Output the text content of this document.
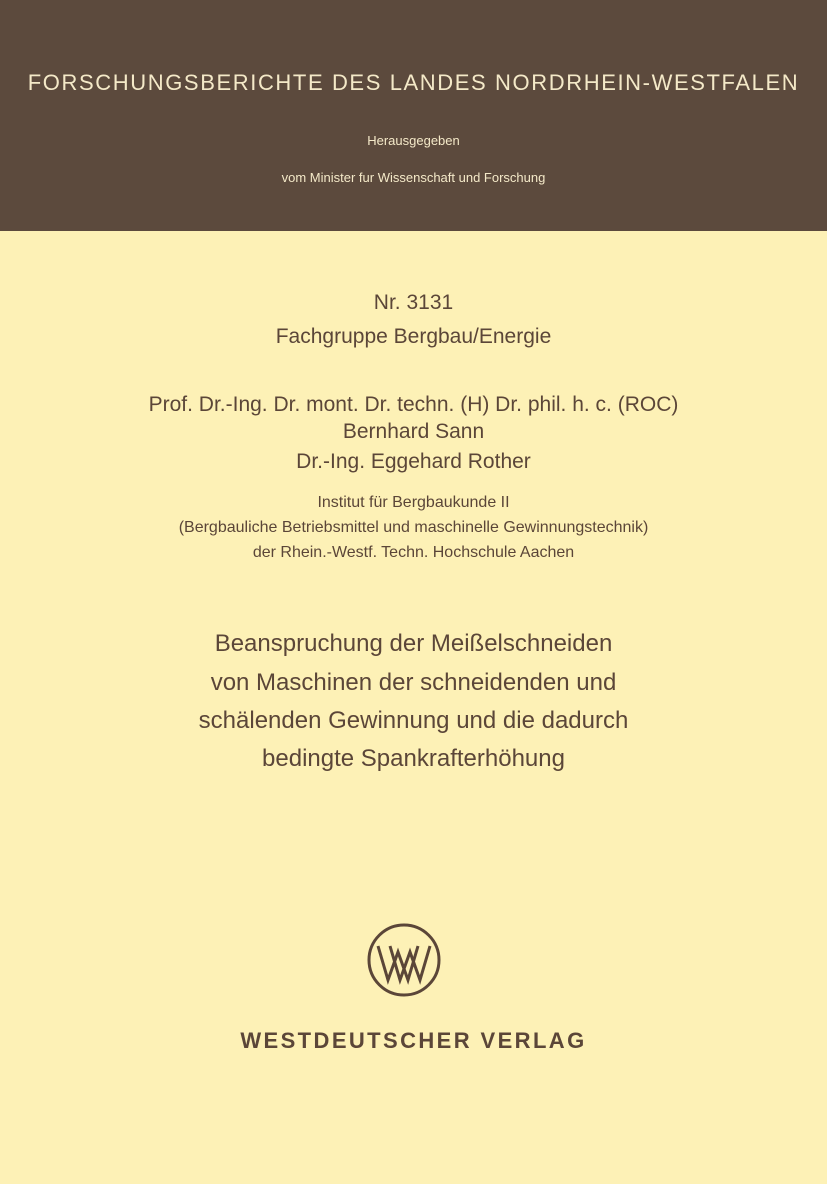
FORSCHUNGSBERICHTE DES LANDES NORDRHEIN-WESTFALEN
Herausgegeben
vom Minister fur Wissenschaft und Forschung
Nr. 3131
Fachgruppe Bergbau/Energie
Prof. Dr.-Ing. Dr. mont. Dr. techn. (H) Dr. phil. h. c. (ROC)
Bernhard Sann
Dr.-Ing. Eggehard Rother
Institut für Bergbaukunde II
(Bergbauliche Betriebsmittel und maschinelle Gewinnungstechnik)
der Rhein.-Westf. Techn. Hochschule Aachen
Beanspruchung der Meißelschneiden
von Maschinen der schneidenden und
schälenden Gewinnung und die dadurch
bedingte Spankrafterhöhung
WESTDEUTSCHER VERLAG
